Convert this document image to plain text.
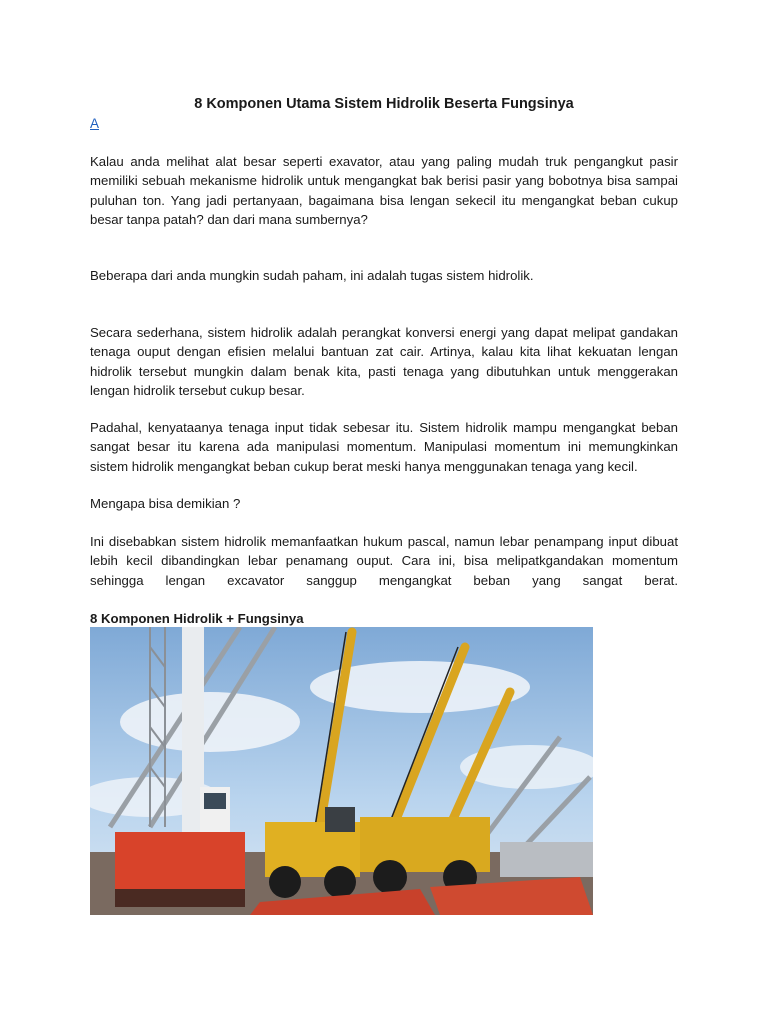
8 Komponen Utama Sistem Hidrolik Beserta Fungsinya
A

Kalau anda melihat alat besar seperti exavator, atau yang paling mudah truk pengangkut pasir memiliki sebuah mekanisme hidrolik untuk mengangkat bak berisi pasir yang bobotnya bisa sampai puluhan ton. Yang jadi pertanyaan, bagaimana bisa lengan sekecil itu mengangkat beban cukup besar tanpa patah? dan dari mana sumbernya?

Beberapa dari anda mungkin sudah paham, ini adalah tugas sistem hidrolik.

Secara sederhana, sistem hidrolik adalah perangkat konversi energi yang dapat melipat gandakan tenaga ouput dengan efisien melalui bantuan zat cair. Artinya, kalau kita lihat kekuatan lengan hidrolik tersebut mungkin dalam benak kita, pasti tenaga yang dibutuhkan untuk menggerakan lengan hidrolik tersebut cukup besar.

Padahal, kenyataanya tenaga input tidak sebesar itu. Sistem hidrolik mampu mengangkat beban sangat besar itu karena ada manipulasi momentum. Manipulasi momentum ini memungkinkan sistem hidrolik mengangkat beban cukup berat meski hanya menggunakan tenaga yang kecil.

Mengapa bisa demikian ?

Ini disebabkan sistem hidrolik memanfaatkan hukum pascal, namun lebar penampang input dibuat lebih kecil dibandingkan lebar penamang ouput. Cara ini, bisa melipatkgandakan momentum sehingga lengan excavator sanggup mengangkat beban yang sangat berat.

8 Komponen Hidrolik + Fungsinya
